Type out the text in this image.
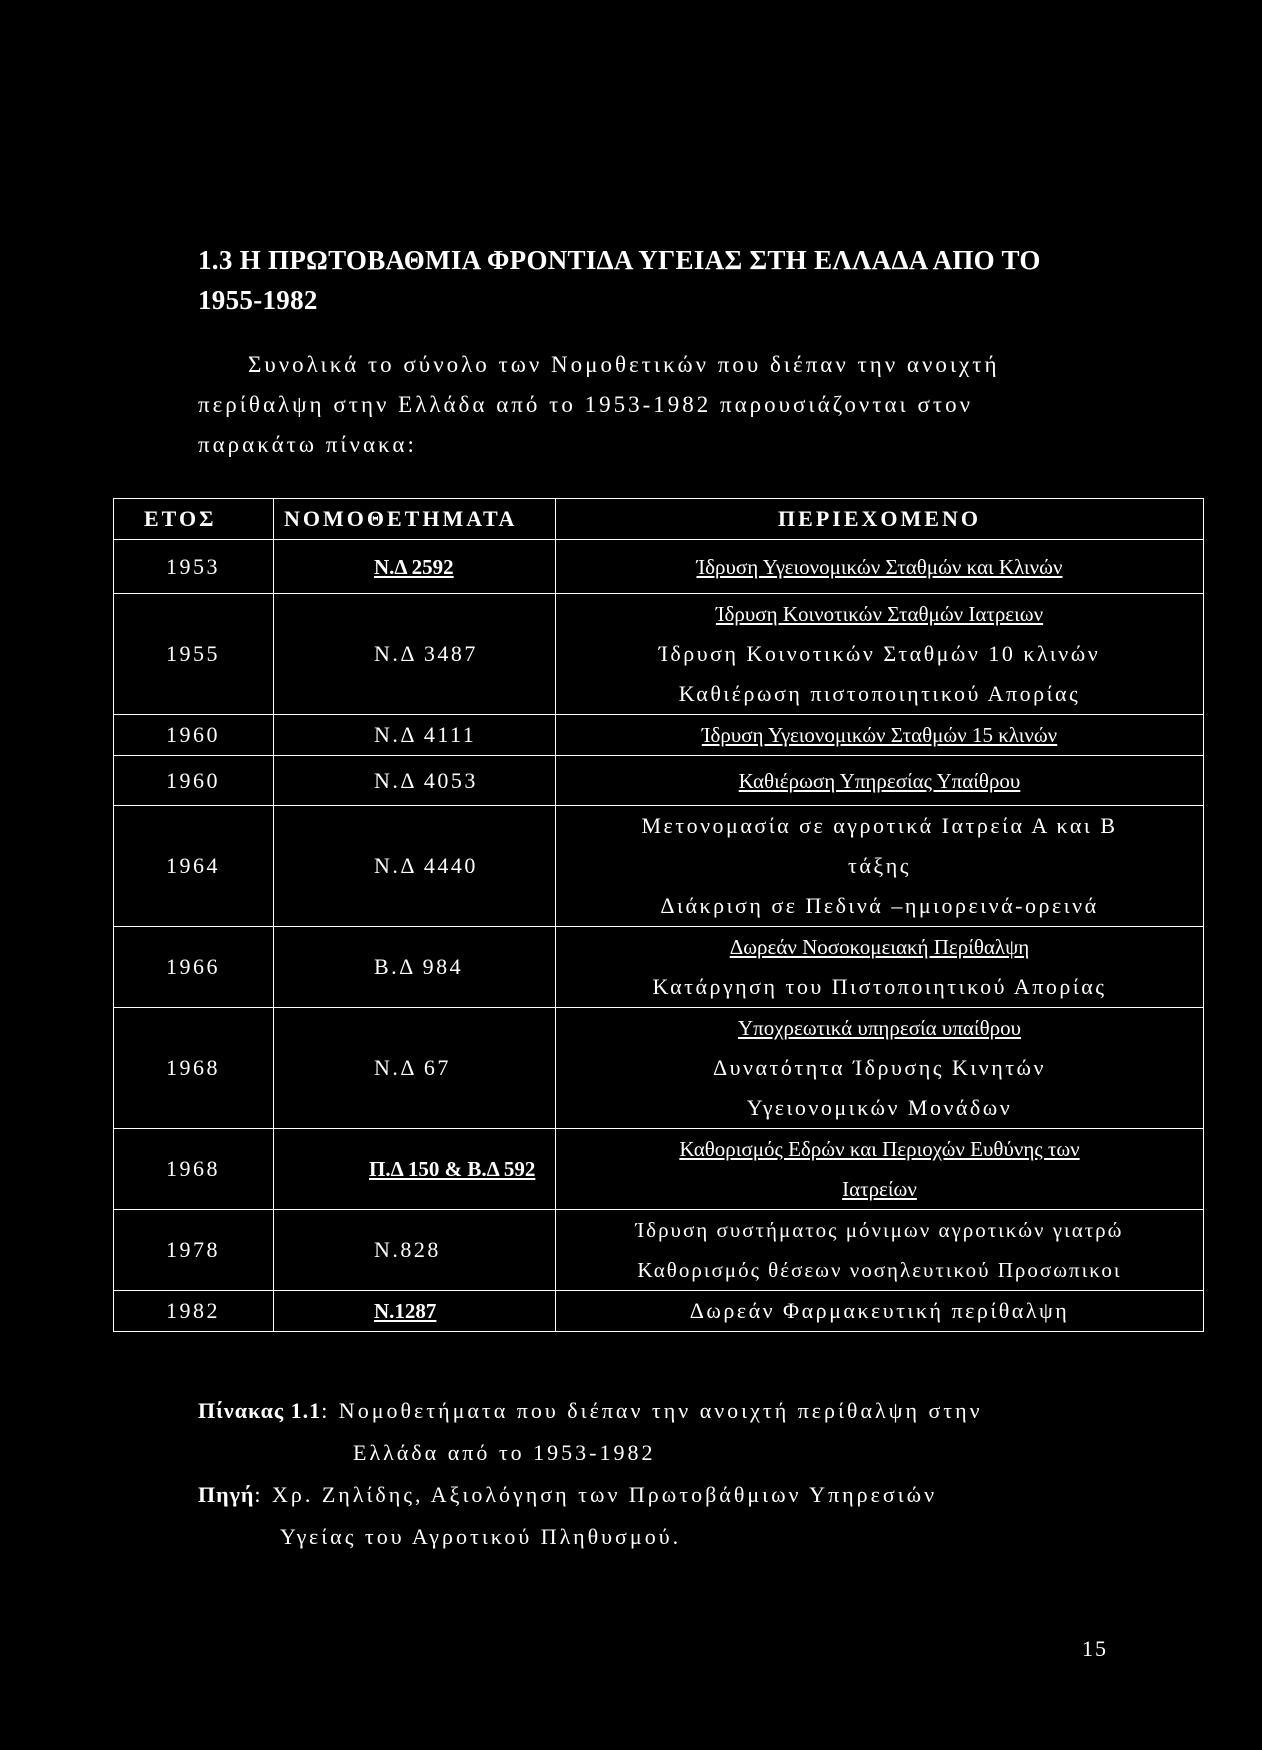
1.3 Η ΠΡΩΤΟΒΑΘΜΙΑ ΦΡΟΝΤΙΔΑ ΥΓΕΙΑΣ ΣΤΗ ΕΛΛΑΔΑ ΑΠΟ ΤΟ
1955-1982
Συνολικά το σύνολο των Νομοθετικών που διέπαν την ανοιχτή
περίθαλψη στην Ελλάδα από το 1953-1982 παρουσιάζονται στον
παρακάτω πίνακα:
ΕΤΟΣ	ΝΟΜΟΘΕΤΗΜΑΤΑ	ΠΕΡΙΕΧΟΜΕΝΟ
1953	Ν.Δ 2592	Ίδρυση Υγειονομικών Σταθμών και Κλινών

1955	Ν.Δ 3487	Ίδρυση Κοινοτικών Σταθμών Ιατρειων
Ίδρυση Κοινοτικών Σταθμών 10 κλινών
Καθιέρωση πιστοποιητικού Απορίας

1960	Ν.Δ 4111	Ίδρυση Υγειονομικών Σταθμών 15 κλινών

1960	Ν.Δ 4053	Καθιέρωση Υπηρεσίας Υπαίθρου

1964	Ν.Δ 4440	Μετονομασία σε αγροτικά Ιατρεία Α και Β
τάξης
Διάκριση σε Πεδινά –ημιορεινά-ορεινά

1966	Β.Δ 984	Δωρεάν Νοσοκομειακή Περίθαλψη
Κατάργηση του Πιστοποιητικού Απορίας

1968	Ν.Δ 67	Υποχρεωτικά υπηρεσία υπαίθρου
Δυνατότητα Ίδρυσης Κινητών
Υγειονομικών Μονάδων

1968	Π.Δ 150 & Β.Δ 592	Καθορισμός Εδρών και Περιοχών Ευθύνης των
Ιατρείων

1978	Ν.828	Ίδρυση συστήματος μόνιμων αγροτικών γιατρώ
Καθορισμός θέσεων νοσηλευτικού Προσωπικοι

1982	Ν.1287	Δωρεάν Φαρμακευτική περίθαλψη
Πίνακας 1.1: Νομοθετήματα που διέπαν την ανοιχτή περίθαλψη στην
Ελλάδα από το 1953-1982
Πηγή: Χρ. Ζηλίδης, Αξιολόγηση των Πρωτοβάθμιων Υπηρεσιών
Υγείας του Αγροτικού Πληθυσμού.
15
